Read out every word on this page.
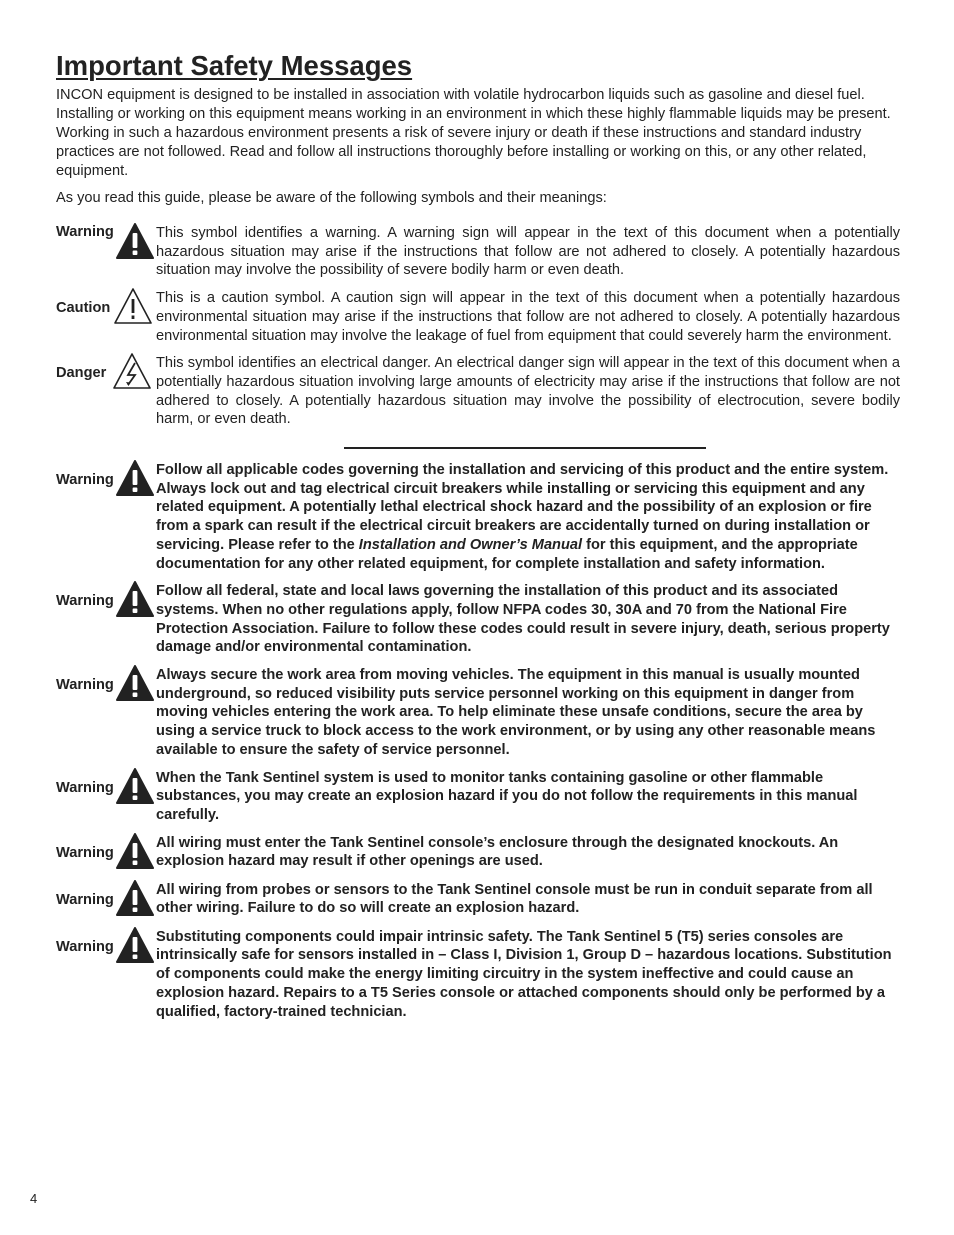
Important Safety Messages

INCON equipment is designed to be installed in association with volatile hydrocarbon liquids such as gasoline and diesel fuel. Installing or working on this equipment means working in an environment in which these highly flammable liquids may be present. Working in such a hazardous environment presents a risk of severe injury or death if these instructions and standard industry practices are not followed. Read and follow all instructions thoroughly before installing or working on this, or any other related, equipment.

As you read this guide, please be aware of the following symbols and their meanings:

Warning	This symbol identifies a warning. A warning sign will appear in the text of this document when a potentially hazardous situation may arise if the instructions that follow are not adhered to closely. A potentially hazardous situation may involve the possibility of severe bodily harm or even death.
Caution
This is a caution symbol. A caution sign will appear in the text of this document when a potentially hazardous environmental situation may arise if the instructions that follow are not adhered to closely. A potentially hazardous environmental situation may involve the leakage of fuel from equipment that could severely harm the environment.
Danger
This symbol identifies an electrical danger. An electrical danger sign will appear in the text of this document when a potentially hazardous situation involving large amounts of electricity may arise if the instructions that follow are not adhered to closely. A potentially hazardous situation may involve the possibility of electrocution, severe bodily harm, or even death.
Warning
Follow all applicable codes governing the installation and servicing of this product and the entire system. Always lock out and tag electrical circuit breakers while installing or servicing this equipment and any related equipment. A potentially lethal electrical shock hazard and the possibility of an explosion or fire from a spark can result if the electrical circuit breakers are accidentally turned on during installation or servicing. Please refer to the Installation and Owner’s Manual for this equipment, and the appropriate documentation for any other related equipment, for complete installation and safety information.
Warning
Follow all federal, state and local laws governing the installation of this product and its associated systems. When no other regulations apply, follow NFPA codes 30, 30A and 70 from the National Fire Protection Association. Failure to follow these codes could result in severe injury, death, serious property damage and/or environmental contamination.
Warning
Always secure the work area from moving vehicles. The equipment in this manual is usually mounted underground, so reduced visibility puts service personnel working on this equipment in danger from moving vehicles entering the work area. To help eliminate these unsafe conditions, secure the area by using a service truck to block access to the work environment, or by using any other reasonable means available to ensure the safety of service personnel.
Warning
When the Tank Sentinel system is used to monitor tanks containing gasoline or other flammable substances, you may create an explosion hazard if you do not follow the requirements in this manual carefully.
Warning
All wiring must enter the Tank Sentinel console’s enclosure through the designated knockouts. An explosion hazard may result if other openings are used.
Warning
All wiring from probes or sensors to the Tank Sentinel console must be run in conduit separate from all other wiring. Failure to do so will create an explosion hazard.
Warning
Substituting components could impair intrinsic safety. The Tank Sentinel 5 (T5) series consoles are intrinsically safe for sensors installed in – Class I, Division 1, Group D – hazardous locations. Substitution of components could make the energy limiting circuitry in the system ineffective and could cause an explosion hazard. Repairs to a T5 Series console or attached components should only be performed by a qualified, factory-trained technician.
4
